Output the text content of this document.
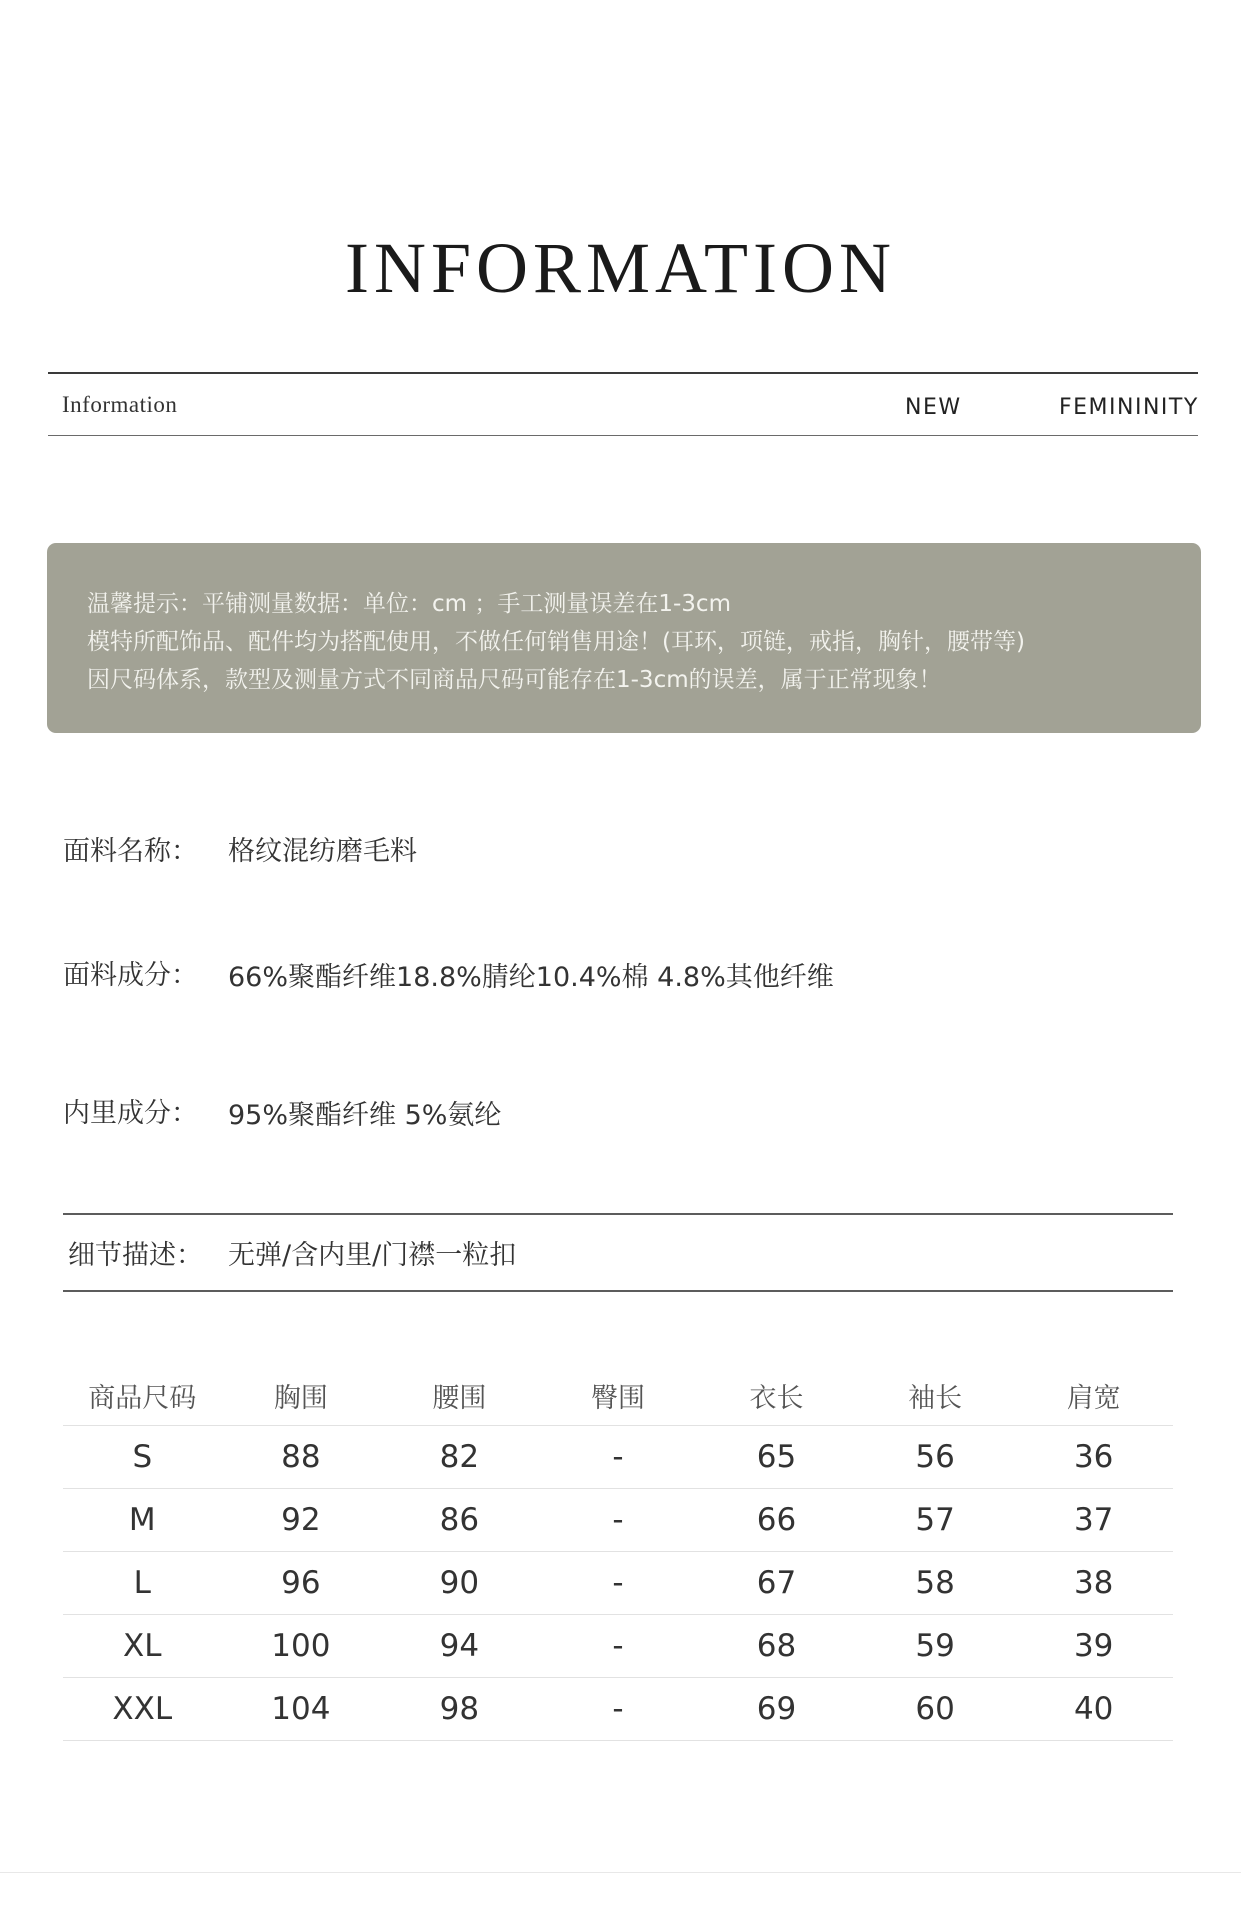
INFORMATION
Information	NEW	FEMININITY
温馨提示：平铺测量数据：单位：cm ；手工测量误差在1-3cm
模特所配饰品、配件均为搭配使用，不做任何销售用途！(耳环，项链，戒指，胸针，腰带等)
因尺码体系，款型及测量方式不同商品尺码可能存在1-3cm的误差，属于正常现象！
面料名称： 格纹混纺磨毛料
面料成分： 66%聚酯纤维18.8%腈纶10.4%棉 4.8%其他纤维
内里成分： 95%聚酯纤维 5%氨纶
细节描述： 无弹/含内里/门襟一粒扣
商品尺码	胸围	腰围	臀围	衣长	袖长	肩宽
S	88	82	-	65	56	36
M	92	86	-	66	57	37
L	96	90	-	67	58	38
XL	100	94	-	68	59	39
XXL	104	98	-	69	60	40
